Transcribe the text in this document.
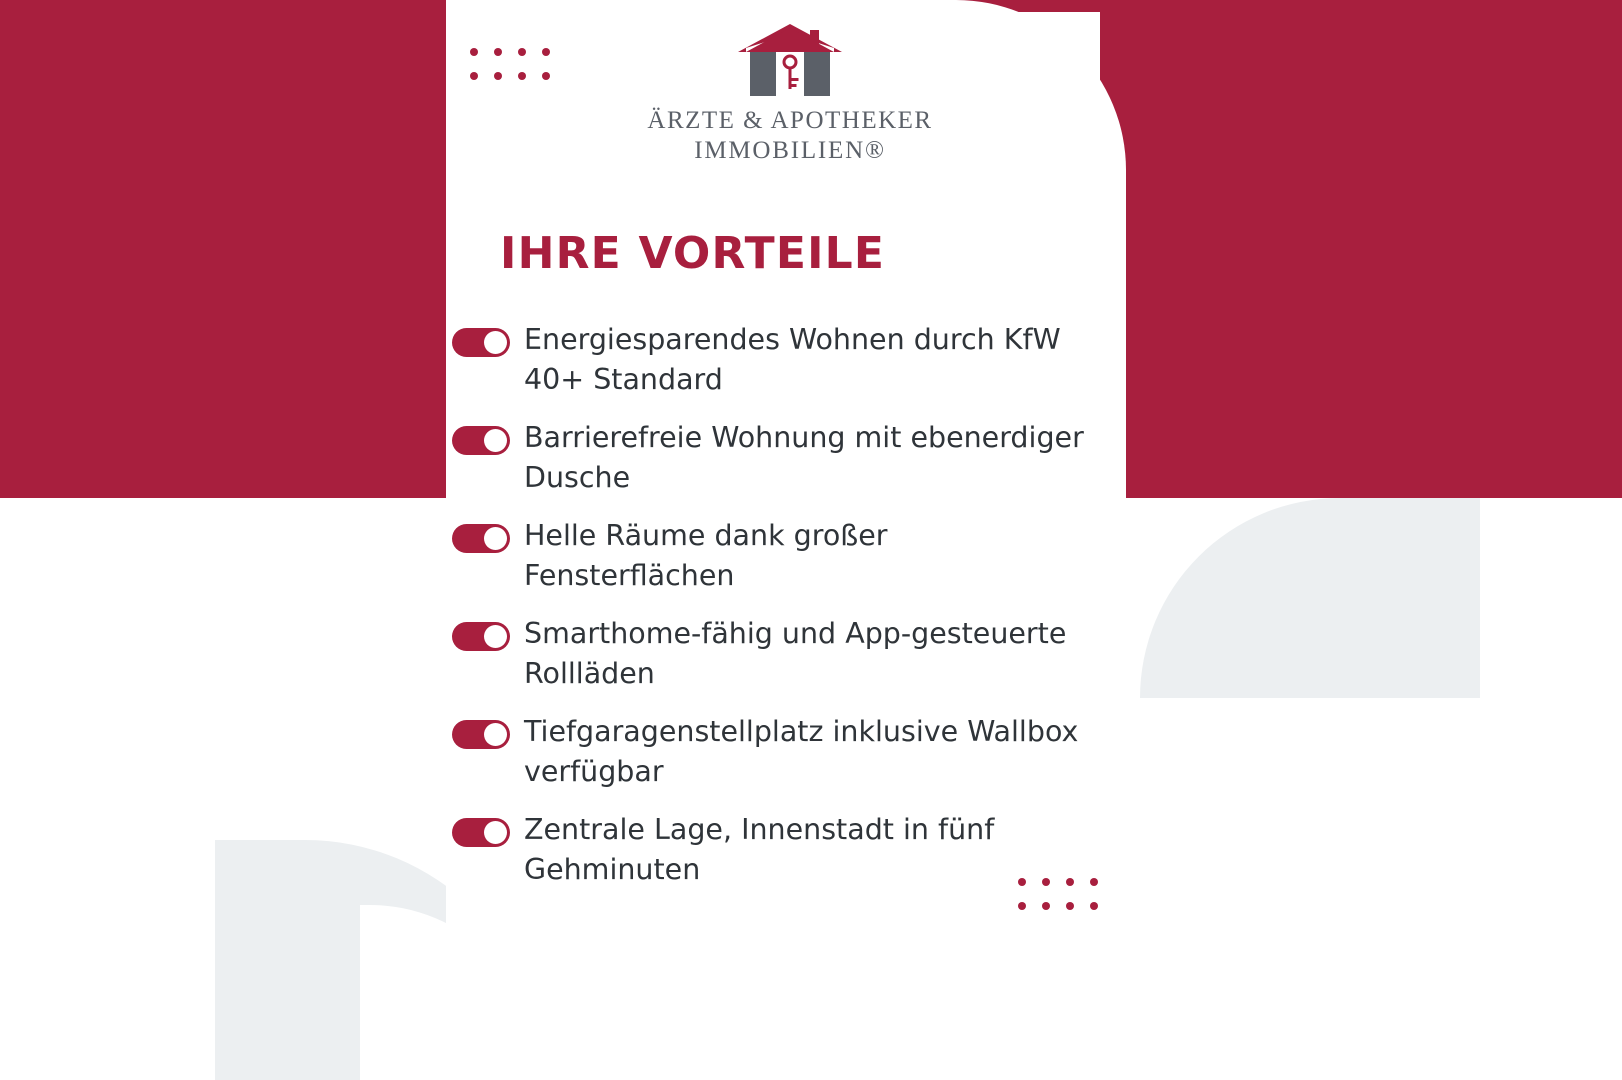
ÄRZTE & APOTHEKER
IMMOBILIEN®
IHRE VORTEILE
Energiesparendes Wohnen durch KfW 40+ Standard
Barrierefreie Wohnung mit ebenerdiger Dusche
Helle Räume dank großer Fensterflächen
Smarthome-fähig und App-gesteuerte Rollläden
Tiefgaragenstellplatz inklusive Wallbox verfügbar
Zentrale Lage, Innenstadt in fünf Gehminuten
